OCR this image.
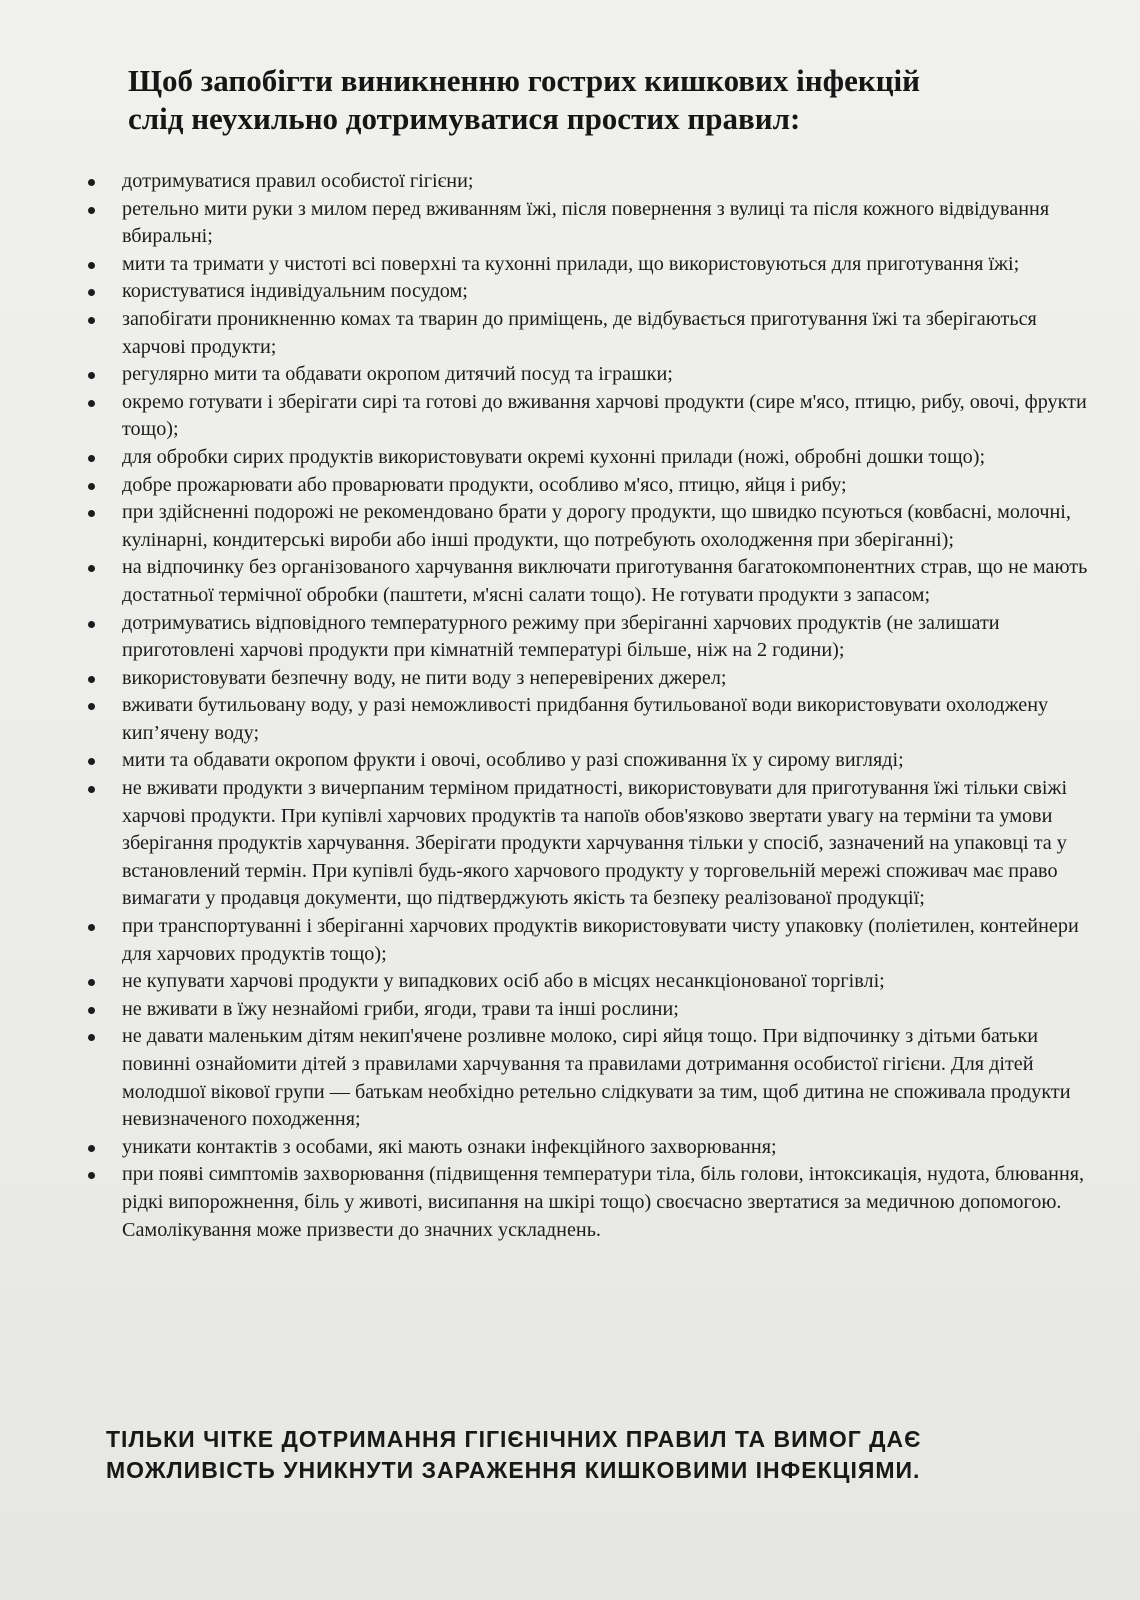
Щоб запобігти виникненню гострих кишкових інфекцій
слід неухильно дотримуватися простих правил:
дотримуватися правил особистої гігієни;
ретельно мити руки з милом перед вживанням їжі, після повернення з вулиці та після кожного відвідування вбиральні;
мити та тримати у чистоті всі поверхні та кухонні прилади, що використовуються для приготування їжі;
користуватися індивідуальним посудом;
запобігати проникненню комах та тварин до приміщень, де відбувається приготування їжі та зберігаються харчові продукти;
регулярно мити та обдавати окропом дитячий посуд та іграшки;
окремо готувати і зберігати сирі та готові до вживання харчові продукти (сире м'ясо, птицю, рибу, овочі, фрукти тощо);
для обробки сирих продуктів використовувати окремі кухонні прилади (ножі, обробні дошки тощо);
добре прожарювати або проварювати продукти, особливо м'ясо, птицю, яйця і рибу;
при здійсненні подорожі не рекомендовано брати у дорогу продукти, що швидко псуються (ковбасні, молочні, кулінарні, кондитерські вироби або інші продукти, що потребують охолодження при зберіганні);
на відпочинку без організованого харчування виключати приготування багатокомпонентних страв, що не мають достатньої термічної обробки (паштети, м'ясні салати тощо). Не готувати продукти з запасом;
дотримуватись відповідного температурного режиму при зберіганні харчових продуктів (не залишати приготовлені харчові продукти при кімнатній температурі більше, ніж на 2 години);
використовувати безпечну воду, не пити воду з неперевірених джерел;
вживати бутильовану воду, у разі неможливості придбання бутильованої води використовувати охолоджену кип’ячену воду;
мити та обдавати окропом фрукти і овочі, особливо у разі споживання їх у сирому вигляді;
не вживати продукти з вичерпаним терміном придатності, використовувати для приготування їжі тільки свіжі харчові продукти. При купівлі харчових продуктів та напоїв обов'язково звертати увагу на терміни та умови зберігання продуктів харчування. Зберігати продукти харчування тільки у спосіб, зазначений на упаковці та у встановлений термін. При купівлі будь-якого харчового продукту у торговельній мережі споживач має право вимагати у продавця документи, що підтверджують якість та безпеку реалізованої продукції;
при транспортуванні і зберіганні харчових продуктів використовувати чисту упаковку (поліетилен, контейнери для харчових продуктів тощо);
не купувати харчові продукти у випадкових осіб або в місцях несанкціонованої торгівлі;
не вживати в їжу незнайомі гриби, ягоди, трави та інші рослини;
не давати маленьким дітям некип'ячене розливне молоко, сирі яйця тощо. При відпочинку з дітьми батьки повинні ознайомити дітей з правилами харчування та правилами дотримання особистої гігієни. Для дітей молодшої вікової групи — батькам необхідно ретельно слідкувати за тим, щоб дитина не споживала продукти невизначеного походження;
уникати контактів з особами, які мають ознаки інфекційного захворювання;
при появі симптомів захворювання (підвищення температури тіла, біль голови, інтоксикація, нудота, блювання, рідкі випорожнення, біль у животі, висипання на шкірі тощо) своєчасно звертатися за медичною допомогою. Самолікування може призвести до значних ускладнень.

ТІЛЬКИ ЧІТКЕ ДОТРИМАННЯ ГІГІЄНІЧНИХ ПРАВИЛ ТА ВИМОГ ДАЄ
МОЖЛИВІСТЬ УНИКНУТИ ЗАРАЖЕННЯ КИШКОВИМИ ІНФЕКЦІЯМИ.
